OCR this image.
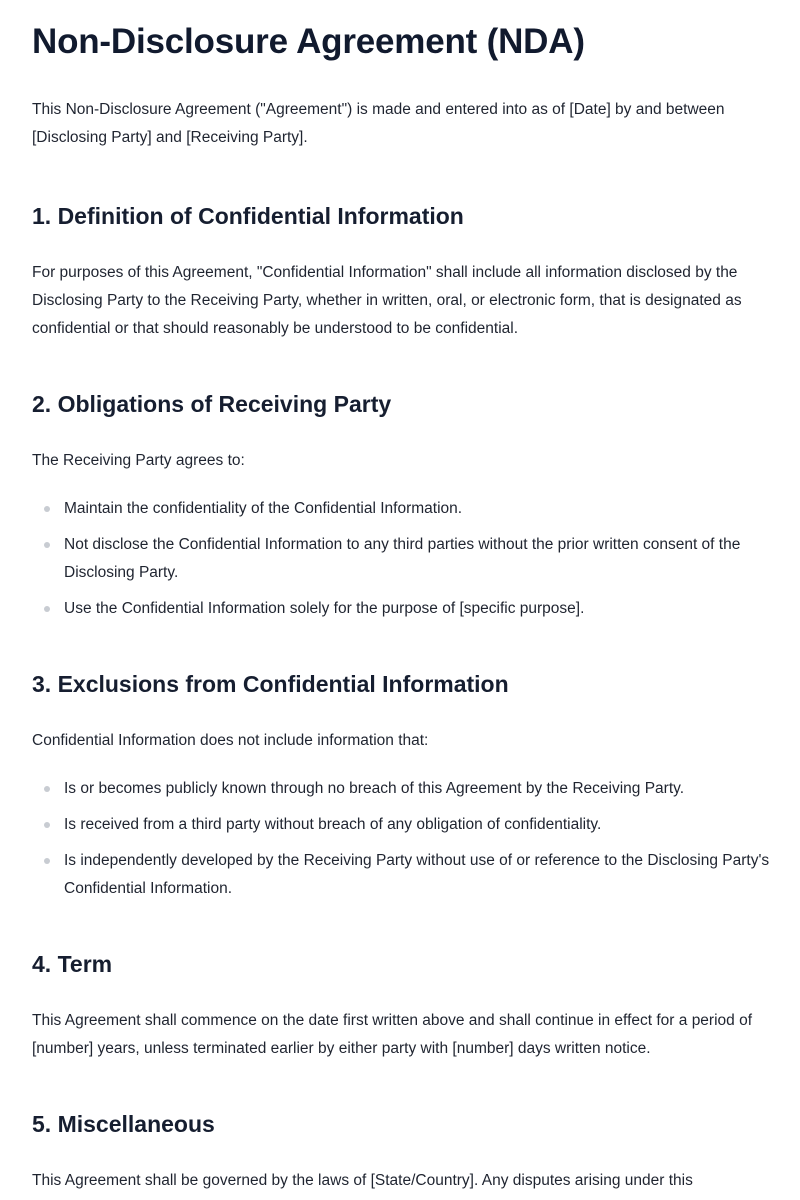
Non-Disclosure Agreement (NDA)

This Non-Disclosure Agreement ("Agreement") is made and entered into as of [Date] by and between [Disclosing Party] and [Receiving Party].

1. Definition of Confidential Information

For purposes of this Agreement, "Confidential Information" shall include all information disclosed by the Disclosing Party to the Receiving Party, whether in written, oral, or electronic form, that is designated as confidential or that should reasonably be understood to be confidential.

2. Obligations of Receiving Party

The Receiving Party agrees to:

Maintain the confidentiality of the Confidential Information.
Not disclose the Confidential Information to any third parties without the prior written consent of the Disclosing Party.
Use the Confidential Information solely for the purpose of [specific purpose].
3. Exclusions from Confidential Information

Confidential Information does not include information that:

Is or becomes publicly known through no breach of this Agreement by the Receiving Party.
Is received from a third party without breach of any obligation of confidentiality.
Is independently developed by the Receiving Party without use of or reference to the Disclosing Party's Confidential Information.
4. Term

This Agreement shall commence on the date first written above and shall continue in effect for a period of [number] years, unless terminated earlier by either party with [number] days written notice.

5. Miscellaneous

This Agreement shall be governed by the laws of [State/Country]. Any disputes arising under this
